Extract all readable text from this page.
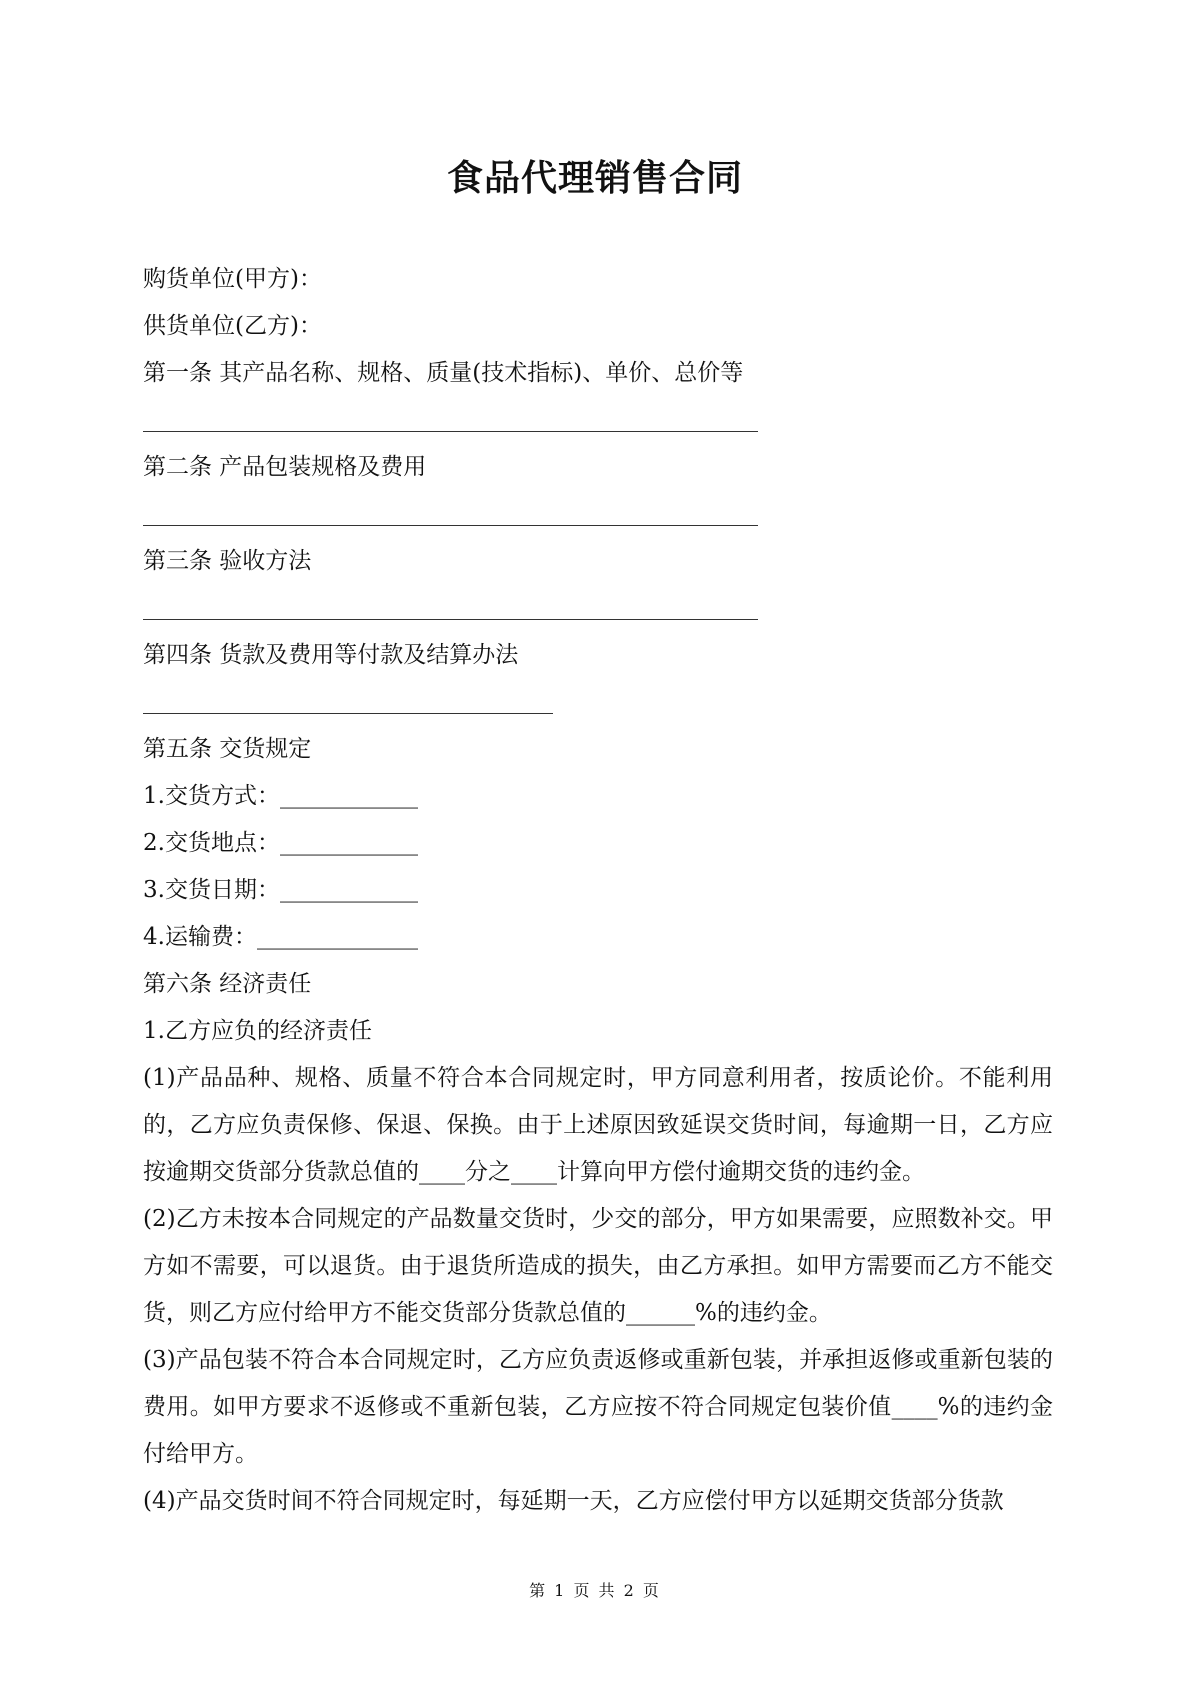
食品代理销售合同
购货单位(甲方)：
供货单位(乙方)：
第一条 其产品名称、规格、质量(技术指标)、单价、总价等
第二条 产品包装规格及费用
第三条 验收方法
第四条 货款及费用等付款及结算办法
第五条 交货规定
1.交货方式：____________
2.交货地点：____________
3.交货日期：____________
4.运输费：______________
第六条 经济责任
1.乙方应负的经济责任
(1)产品品种、规格、质量不符合本合同规定时，甲方同意利用者，按质论价。不能利用的，乙方应负责保修、保退、保换。由于上述原因致延误交货时间，每逾期一日，乙方应按逾期交货部分货款总值的____分之____计算向甲方偿付逾期交货的违约金。
(2)乙方未按本合同规定的产品数量交货时，少交的部分，甲方如果需要，应照数补交。甲方如不需要，可以退货。由于退货所造成的损失，由乙方承担。如甲方需要而乙方不能交货，则乙方应付给甲方不能交货部分货款总值的______%的违约金。
(3)产品包装不符合本合同规定时，乙方应负责返修或重新包装，并承担返修或重新包装的费用。如甲方要求不返修或不重新包装，乙方应按不符合同规定包装价值____%的违约金付给甲方。
(4)产品交货时间不符合同规定时，每延期一天，乙方应偿付甲方以延期交货部分货款
第 1 页 共 2 页
